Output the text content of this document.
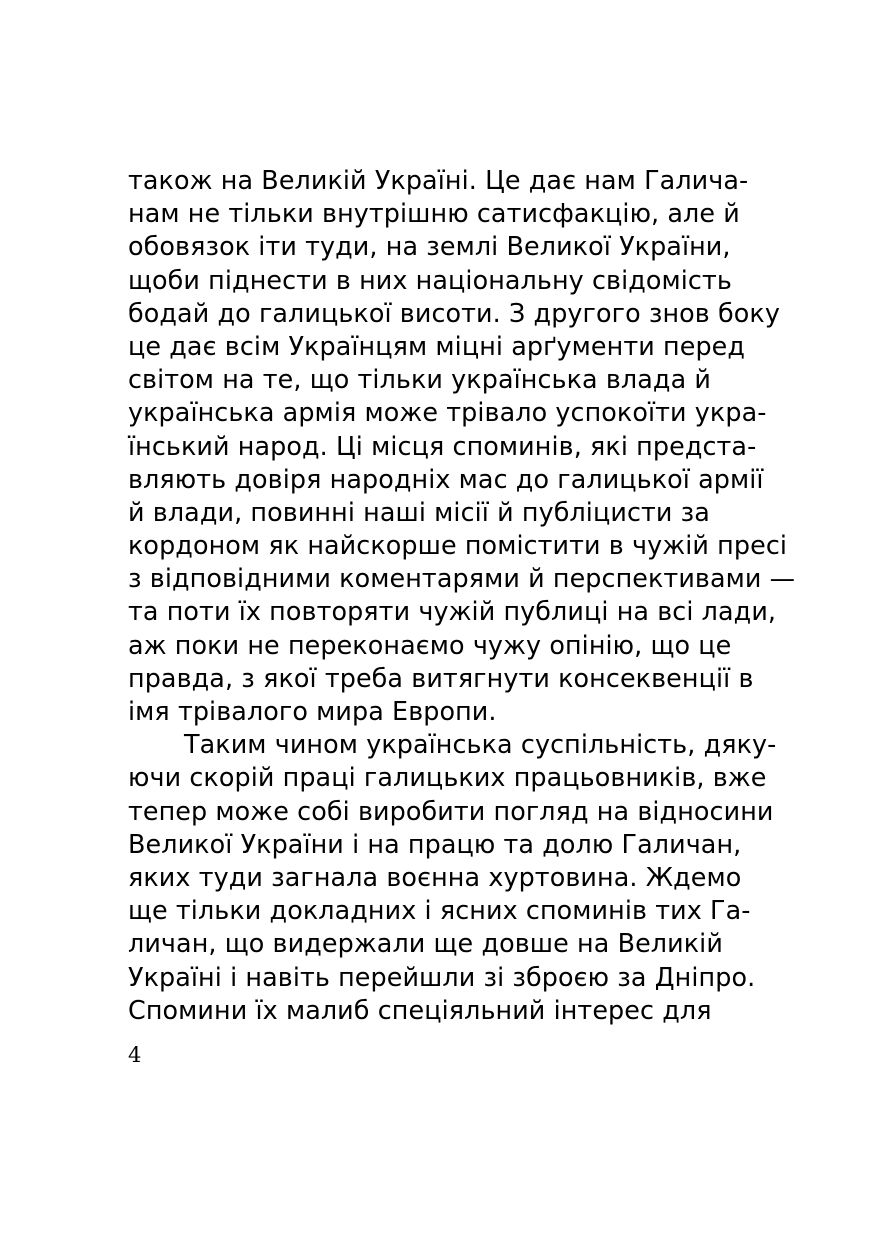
також на Великій Україні. Це дає нам Галича-
нам не тільки внутрішню сатисфакцію, але й
обовязок іти туди, на землі Великої України,
щоби піднести в них національну свідомість
бодай до галицької висоти. З другого знов боку
це дає всім Українцям міцні арґументи перед
світом на те, що тільки українська влада й
українська армія може трівало успокоїти укра-
їнський народ. Ці місця споминів, які предста-
вляють довіря народніх мас до галицької армії
й влади, повинні наші місії й публіцисти за
кордоном як найскорше помістити в чужій пресі
з відповідними коментарями й перспективами —
та поти їх повторяти чужій публиці на всі лади,
аж поки не переконаємо чужу опінію, що це
правда, з якої треба витягнути консеквенції в
імя трівалого мира Европи.
Таким чином українська суспільність, дяку-
ючи скорій праці галицьких працьовників, вже
тепер може собі виробити погляд на відносини
Великої України і на працю та долю Галичан,
яких туди загнала воєнна хуртовина. Ждемо
ще тільки докладних і ясних споминів тих Га-
личан, що видержали ще довше на Великій
Україні і навіть перейшли зі зброєю за Дніпро.
Спомини їх малиб спеціяльний інтерес для
4
